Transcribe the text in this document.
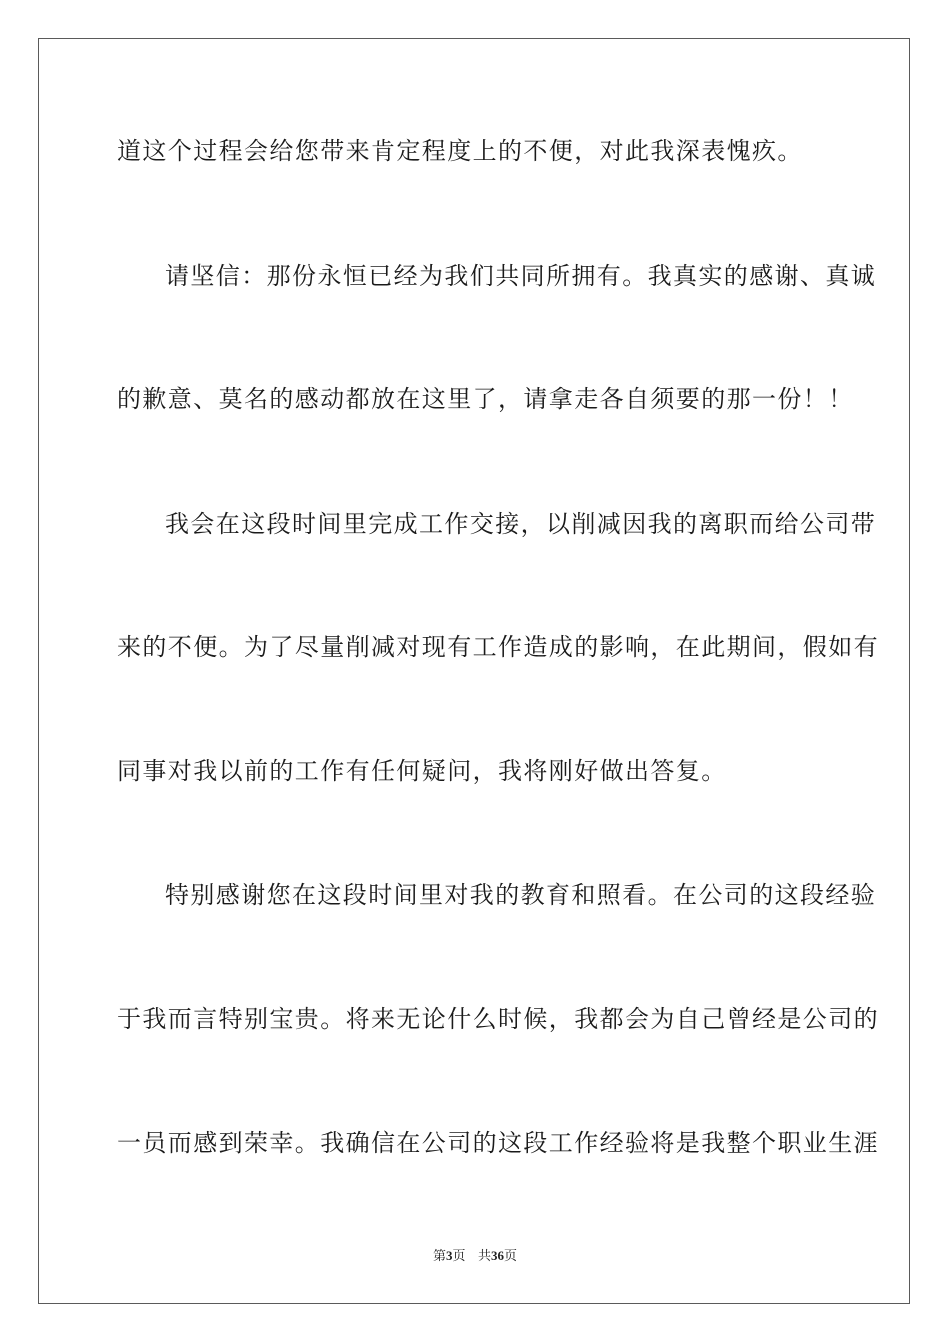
道这个过程会给您带来肯定程度上的不便，对此我深表愧疚。
请坚信：那份永恒已经为我们共同所拥有。我真实的感谢、真诚
的歉意、莫名的感动都放在这里了，请拿走各自须要的那一份！！
我会在这段时间里完成工作交接，以削减因我的离职而给公司带
来的不便。为了尽量削减对现有工作造成的影响，在此期间，假如有
同事对我以前的工作有任何疑问，我将刚好做出答复。
特别感谢您在这段时间里对我的教育和照看。在公司的这段经验
于我而言特别宝贵。将来无论什么时候，我都会为自己曾经是公司的
一员而感到荣幸。我确信在公司的这段工作经验将是我整个职业生涯
第3页 共36页
